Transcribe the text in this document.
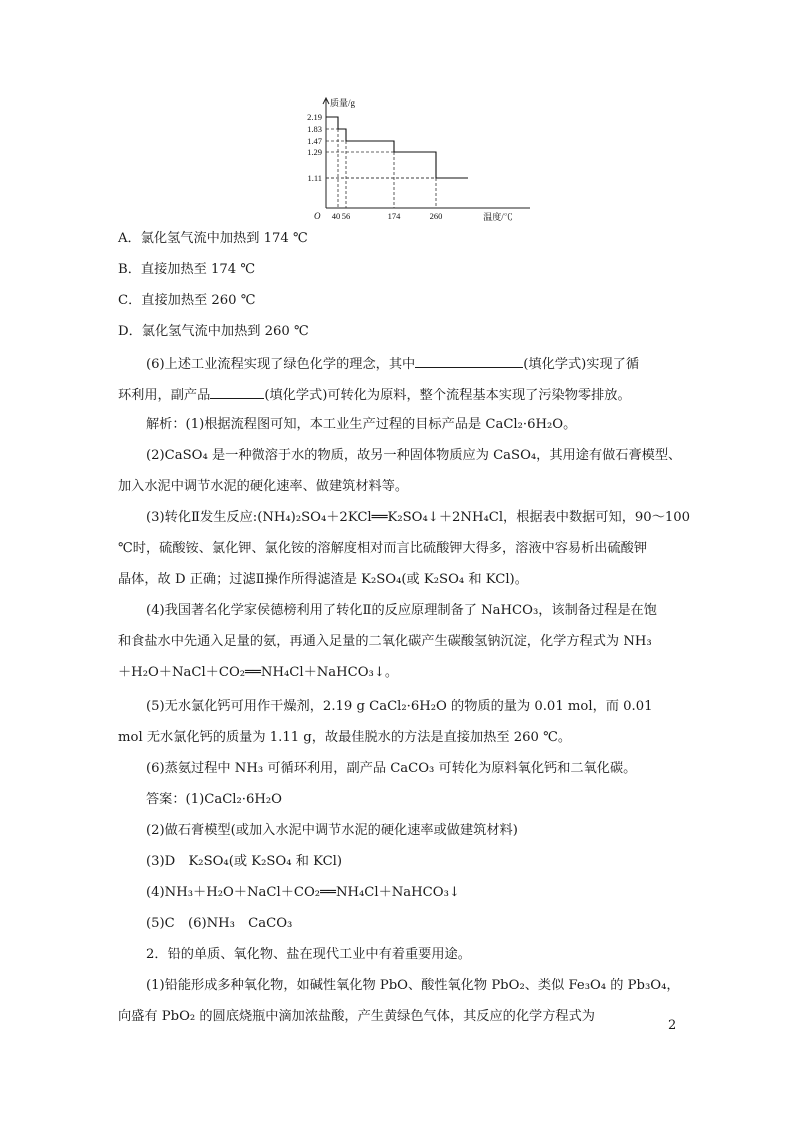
2.19
1.83
1.47
1.29
1.11
40 56	174	260
质量/g
温度/℃
O
A．氯化氢气流中加热到 174 ℃
B．直接加热至 174 ℃
C．直接加热至 260 ℃
D．氯化氢气流中加热到 260 ℃
(6)上述工业流程实现了绿色化学的理念，其中	(填化学式)实现了循
环利用，副产品	(填化学式)可转化为原料，整个流程基本实现了污染物零排放。
解析：(1)根据流程图可知，本工业生产过程的目标产品是 CaCl₂·6H₂O。
(2)CaSO₄ 是一种微溶于水的物质，故另一种固体物质应为 CaSO₄，其用途有做石膏模型、
加入水泥中调节水泥的硬化速率、做建筑材料等。
(3)转化Ⅱ发生反应:(NH₄)₂SO₄＋2KCl══K₂SO₄↓＋2NH₄Cl，根据表中数据可知，90～100
℃时，硫酸铵、氯化钾、氯化铵的溶解度相对而言比硫酸钾大得多，溶液中容易析出硫酸钾
晶体，故 D 正确；过滤Ⅱ操作所得滤渣是 K₂SO₄(或 K₂SO₄ 和 KCl)。
(4)我国著名化学家侯德榜利用了转化Ⅱ的反应原理制备了 NaHCO₃，该制备过程是在饱
和食盐水中先通入足量的氨，再通入足量的二氧化碳产生碳酸氢钠沉淀，化学方程式为 NH₃
＋H₂O＋NaCl＋CO₂══NH₄Cl＋NaHCO₃↓。
(5)无水氯化钙可用作干燥剂，2.19 g CaCl₂·6H₂O 的物质的量为 0.01 mol，而 0.01
mol 无水氯化钙的质量为 1.11 g，故最佳脱水的方法是直接加热至 260 ℃。
(6)蒸氨过程中 NH₃ 可循环利用，副产品 CaCO₃ 可转化为原料氧化钙和二氧化碳。
答案：(1)CaCl₂·6H₂O
(2)做石膏模型(或加入水泥中调节水泥的硬化速率或做建筑材料)
(3)D　K₂SO₄(或 K₂SO₄ 和 KCl)
(4)NH₃＋H₂O＋NaCl＋CO₂══NH₄Cl＋NaHCO₃↓
(5)C　(6)NH₃　CaCO₃
2．铅的单质、氧化物、盐在现代工业中有着重要用途。
(1)铅能形成多种氧化物，如碱性氧化物 PbO、酸性氧化物 PbO₂、类似 Fe₃O₄ 的 Pb₃O₄，
向盛有 PbO₂ 的圆底烧瓶中滴加浓盐酸，产生黄绿色气体，其反应的化学方程式为
2
